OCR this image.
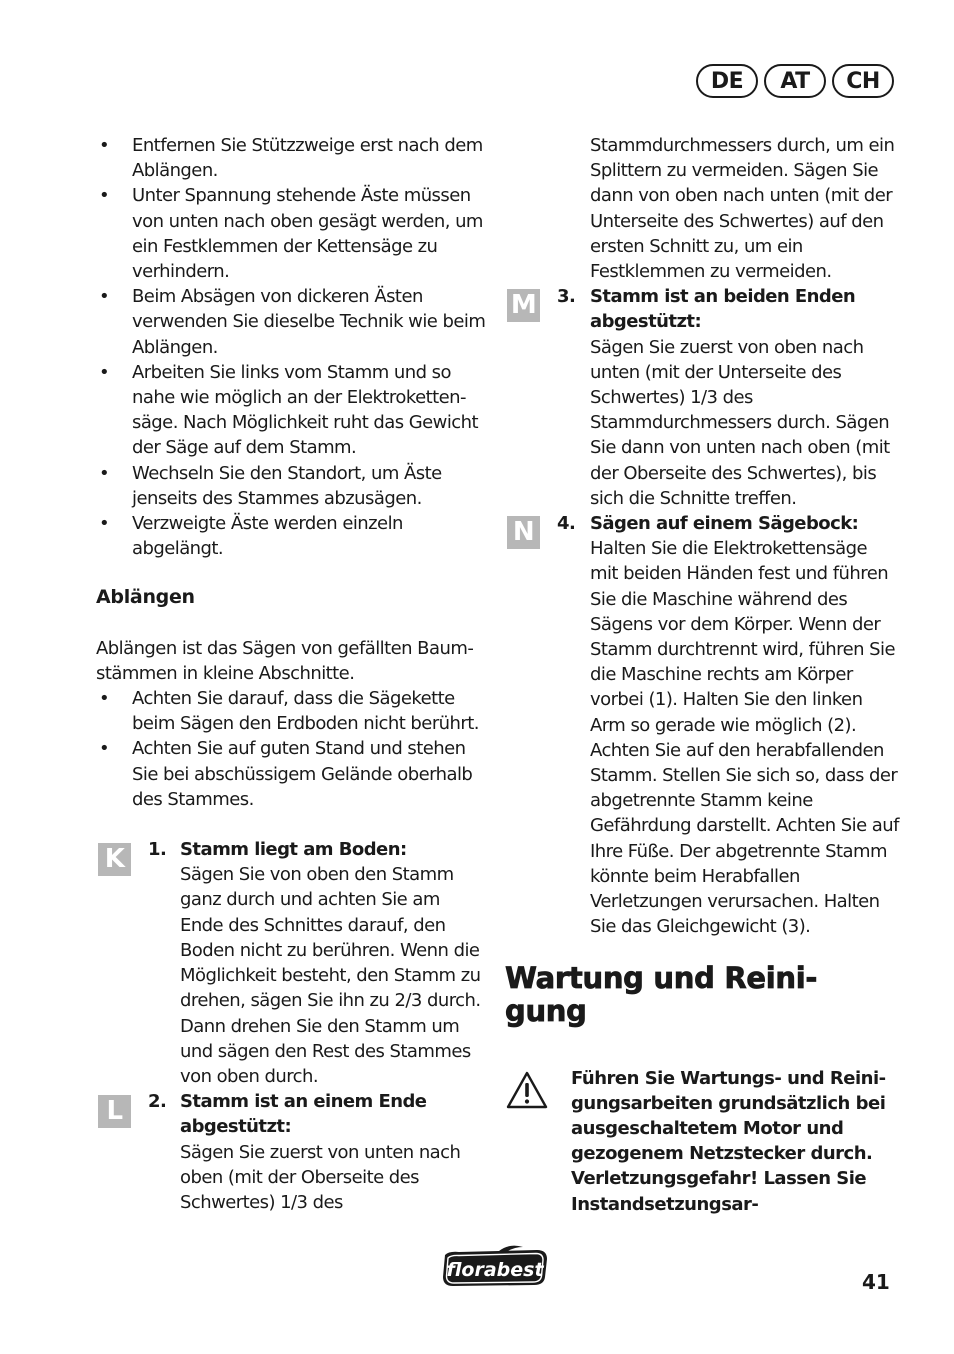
DE	AT	CH
• Entfernen Sie Stützzweige erst nach dem Ablängen.
• Unter Spannung stehende Äste müssen von unten nach oben gesägt werden, um ein Festklemmen der Kettensäge zu verhindern.
• Beim Absägen von dickeren Ästen verwenden Sie dieselbe Technik wie beim Ablängen.
• Arbeiten Sie links vom Stamm und so nahe wie möglich an der Elektrokettensäge. Nach Möglichkeit ruht das Gewicht der Säge auf dem Stamm.
• Wechseln Sie den Standort, um Äste jenseits des Stammes abzusägen.
• Verzweigte Äste werden einzeln abgelängt.
Ablängen

Ablängen ist das Sägen von gefällten Baumstämmen in kleine Abschnitte.

• Achten Sie darauf, dass die Sägekette beim Sägen den Erdboden nicht berührt.
• Achten Sie auf guten Stand und stehen Sie bei abschüssigem Gelände oberhalb des Stammes.
K	1. Stamm liegt am Boden:
Sägen Sie von oben den Stamm ganz durch und achten Sie am Ende des Schnittes darauf, den Boden nicht zu berühren. Wenn die Möglichkeit besteht, den Stamm zu drehen, sägen Sie ihn zu 2/3 durch. Dann drehen Sie den Stamm um und sägen den Rest des Stammes von oben durch.
L	2. Stamm ist an einem Ende abgestützt:
Sägen Sie zuerst von unten nach oben (mit der Oberseite des Schwertes) 1/3 des

Stammdurchmessers durch, um ein Splittern zu vermeiden. Sägen Sie dann von oben nach unten (mit der Unterseite des Schwertes) auf den ersten Schnitt zu, um ein Festklemmen zu vermeiden.

M 3. Stamm ist an beiden Enden abgestützt:
Sägen Sie zuerst von oben nach unten (mit der Unterseite des Schwertes) 1/3 des Stammdurchmessers durch. Sägen Sie dann von unten nach oben (mit der Oberseite des Schwertes), bis sich die Schnitte treffen.
N	4. Sägen auf einem Sägebock:
Halten Sie die Elektrokettensäge mit beiden Händen fest und führen Sie die Maschine während des Sägens vor dem Körper. Wenn der Stamm durchtrennt wird, führen Sie die Maschine rechts am Körper vorbei (1). Halten Sie den linken Arm so gerade wie möglich (2). Achten Sie auf den herabfallenden Stamm. Stellen Sie sich so, dass der abgetrennte Stamm keine Gefährdung darstellt. Achten Sie auf Ihre Füße. Der abgetrennte Stamm könnte beim Herabfallen Verletzungen verursachen. Halten Sie das Gleichgewicht (3).
Wartung und Reinigung
Führen Sie Wartungs- und Reinigungsarbeiten grundsätzlich bei ausgeschaltetem Motor und gezogenem Netzstecker durch. Verletzungsgefahr! Lassen Sie Instandsetzungsar-
florabest	41
